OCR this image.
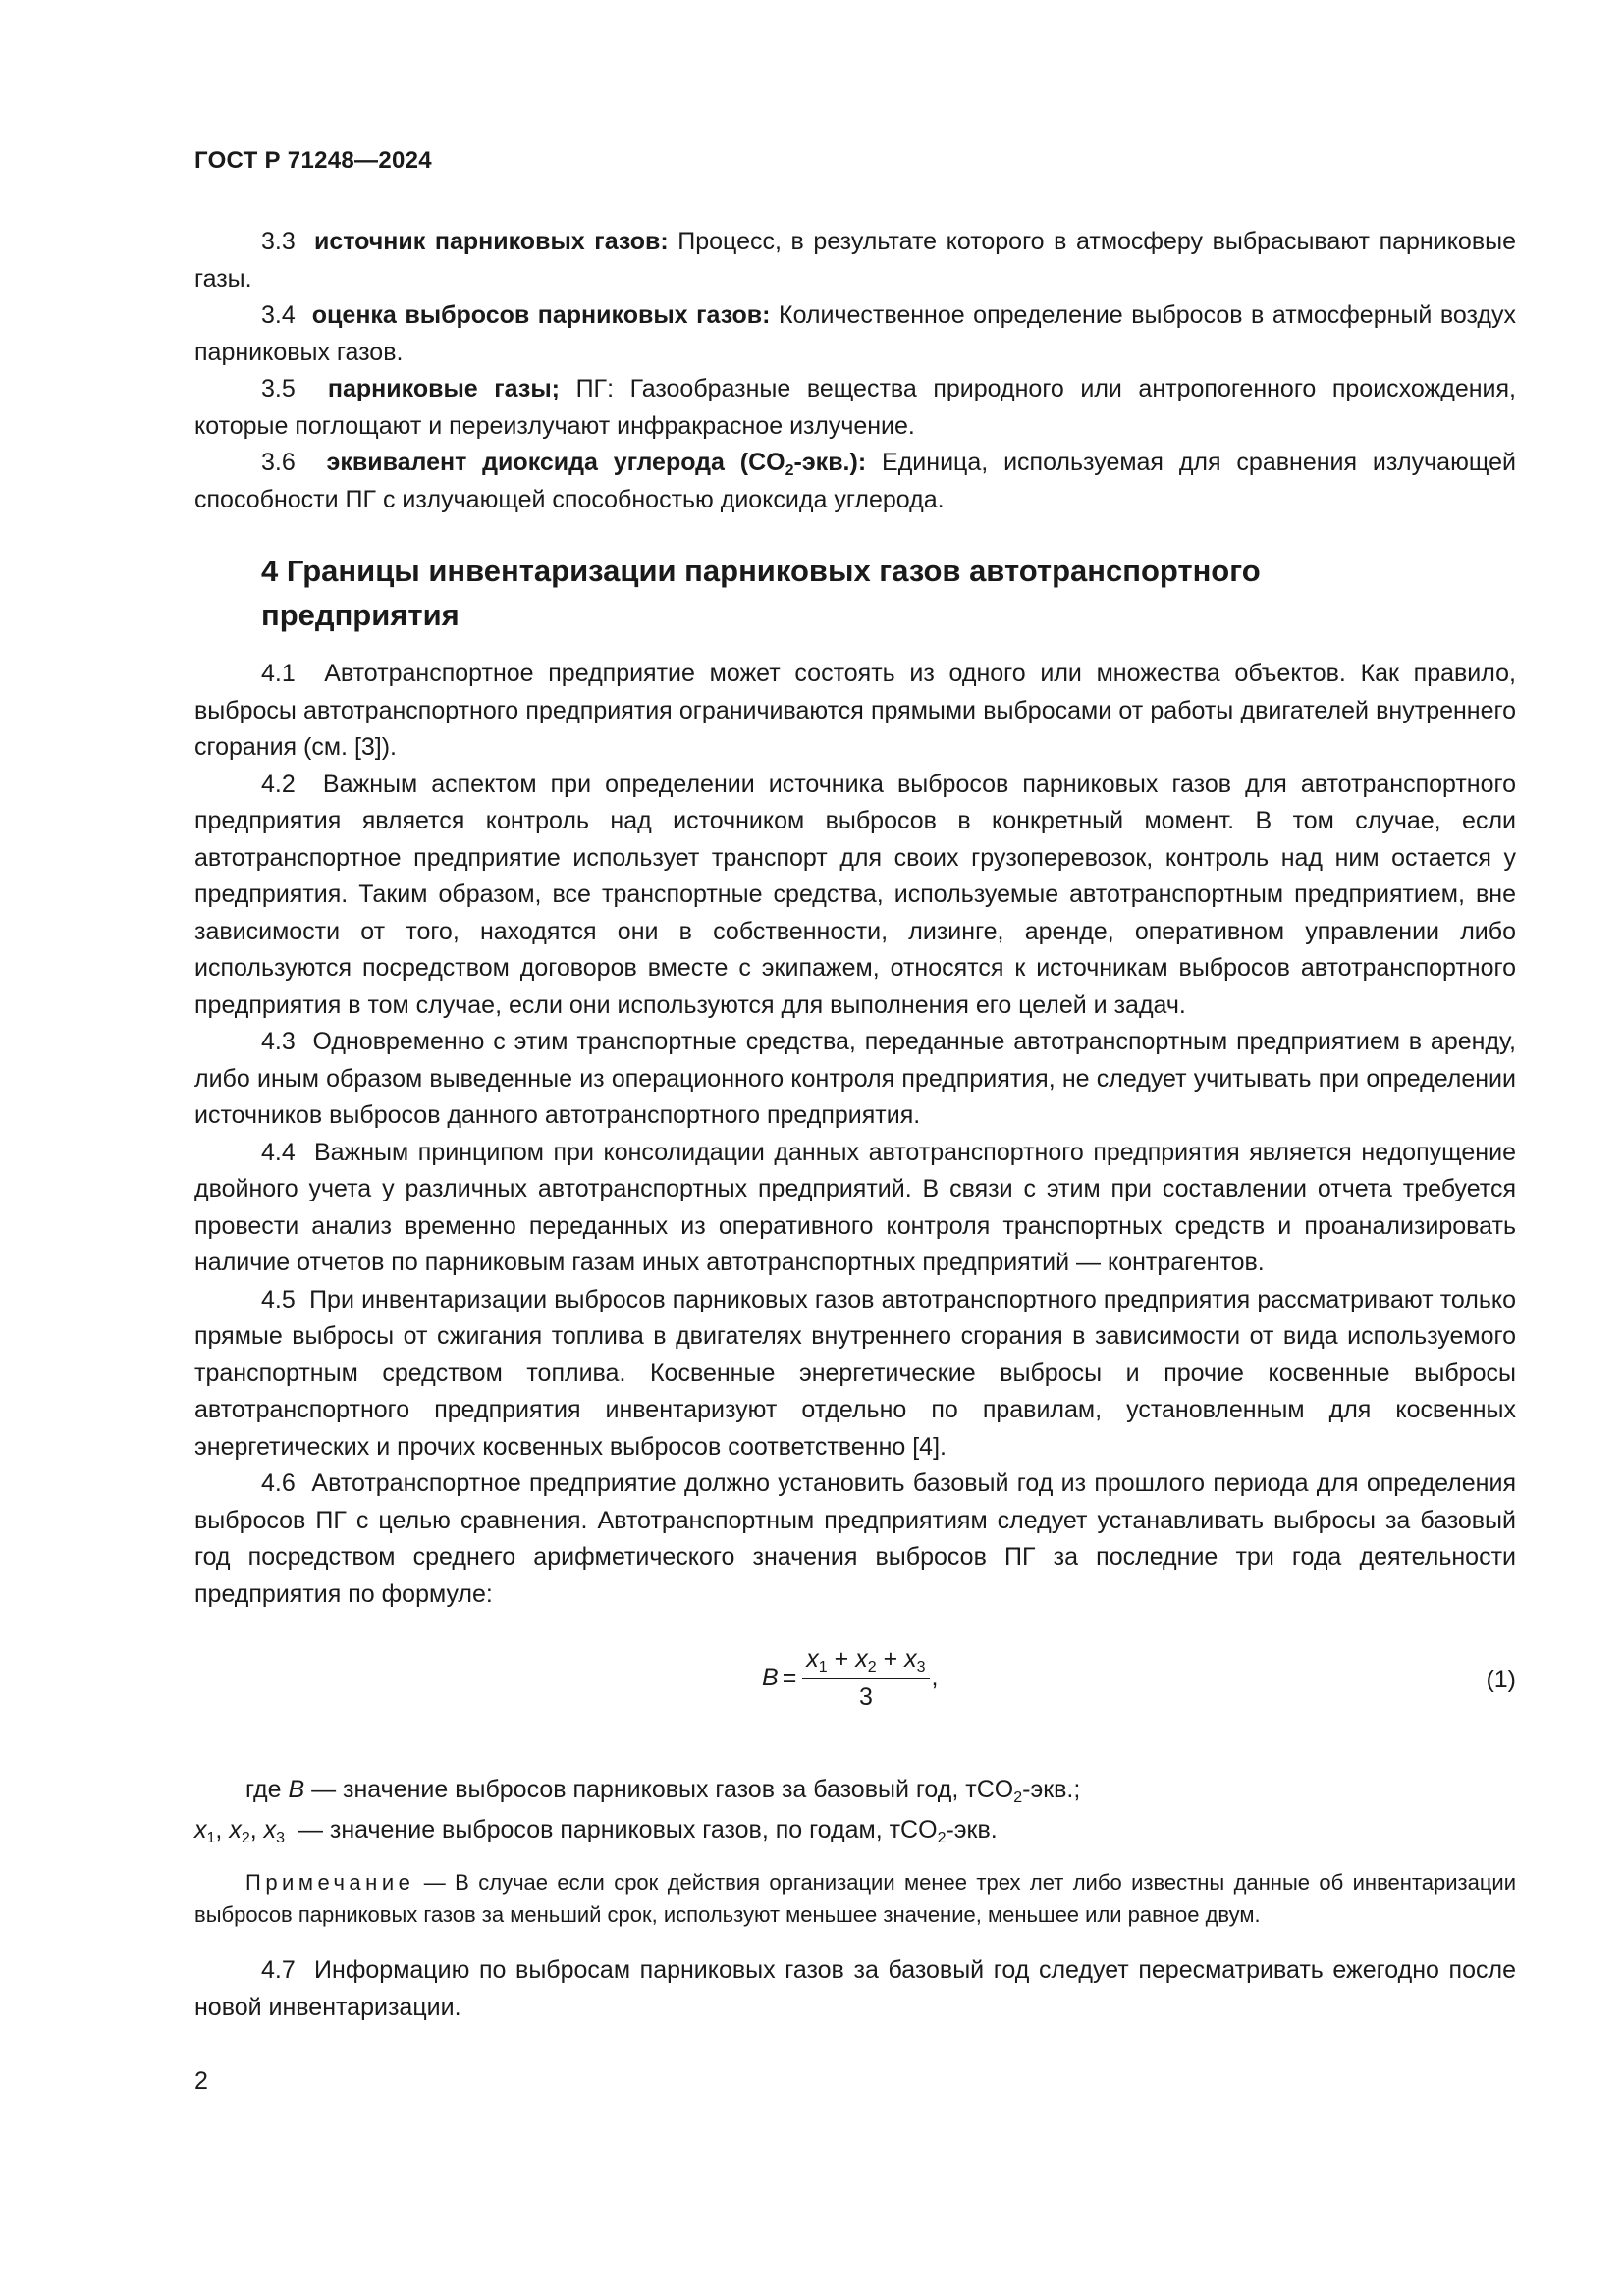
ГОСТ Р 71248—2024

3.3 источник парниковых газов: Процесс, в результате которого в атмосферу выбрасывают парниковые газы.

3.4 оценка выбросов парниковых газов: Количественное определение выбросов в атмосферный воздух парниковых газов.

3.5 парниковые газы; ПГ: Газообразные вещества природного или антропогенного происхождения, которые поглощают и переизлучают инфракрасное излучение.

3.6 эквивалент диоксида углерода $(CO_2-экв.)$: Единица, используемая для сравнения излучающей способности ПГ с излучающей способностью диоксида углерода.

4 Границы инвентаризации парниковых газов автотранспортного предприятия

4.1 Автотранспортное предприятие может состоять из одного или множества объектов. Как правило, выбросы автотранспортного предприятия ограничиваются прямыми выбросами от работы двигателей внутреннего сгорания (см. [3]).

4.2 Важным аспектом при определении источника выбросов парниковых газов для автотранспортного предприятия является контроль над источником выбросов в конкретный момент. В том случае, если автотранспортное предприятие использует транспорт для своих грузоперевозок, контроль над ним остается у предприятия. Таким образом, все транспортные средства, используемые автотранспортным предприятием, вне зависимости от того, находятся они в собственности, лизинге, аренде, оперативном управлении либо используются посредством договоров вместе с экипажем, относятся к источникам выбросов автотранспортного предприятия в том случае, если они используются для выполнения его целей и задач.

4.3 Одновременно с этим транспортные средства, переданные автотранспортным предприятием в аренду, либо иным образом выведенные из операционного контроля предприятия, не следует учитывать при определении источников выбросов данного автотранспортного предприятия.

4.4 Важным принципом при консолидации данных автотранспортного предприятия является недопущение двойного учета у различных автотранспортных предприятий. В связи с этим при составлении отчета требуется провести анализ временно переданных из оперативного контроля транспортных средств и проанализировать наличие отчетов по парниковым газам иных автотранспортных предприятий — контрагентов.

4.5 При инвентаризации выбросов парниковых газов автотранспортного предприятия рассматривают только прямые выбросы от сжигания топлива в двигателях внутреннего сгорания в зависимости от вида используемого транспортным средством топлива. Косвенные энергетические выбросы и прочие косвенные выбросы автотранспортного предприятия инвентаризуют отдельно по правилам, установленным для косвенных энергетических и прочих косвенных выбросов соответственно [4].

4.6 Автотранспортное предприятие должно установить базовый год из прошлого периода для определения выбросов ПГ с целью сравнения. Автотранспортным предприятиям следует устанавливать выбросы за базовый год посредством среднего арифметического значения выбросов ПГ за последние три года деятельности предприятия по формуле:

$B = \frac{x_1 + x_2 + x_3}{3}$ ,	(1)
где B — значение выбросов парниковых газов за базовый год, тCO$_2$-экв.;
$x_1$, $x_2$, $x_3$ — значение выбросов парниковых газов, по годам, тCO$_2$-экв.

Примечание — В случае если срок действия организации менее трех лет либо известны данные об инвентаризации выбросов парниковых газов за меньший срок, используют меньшее значение, меньшее или равное двум.

4.7 Информацию по выбросам парниковых газов за базовый год следует пересматривать ежегодно после новой инвентаризации.

2
